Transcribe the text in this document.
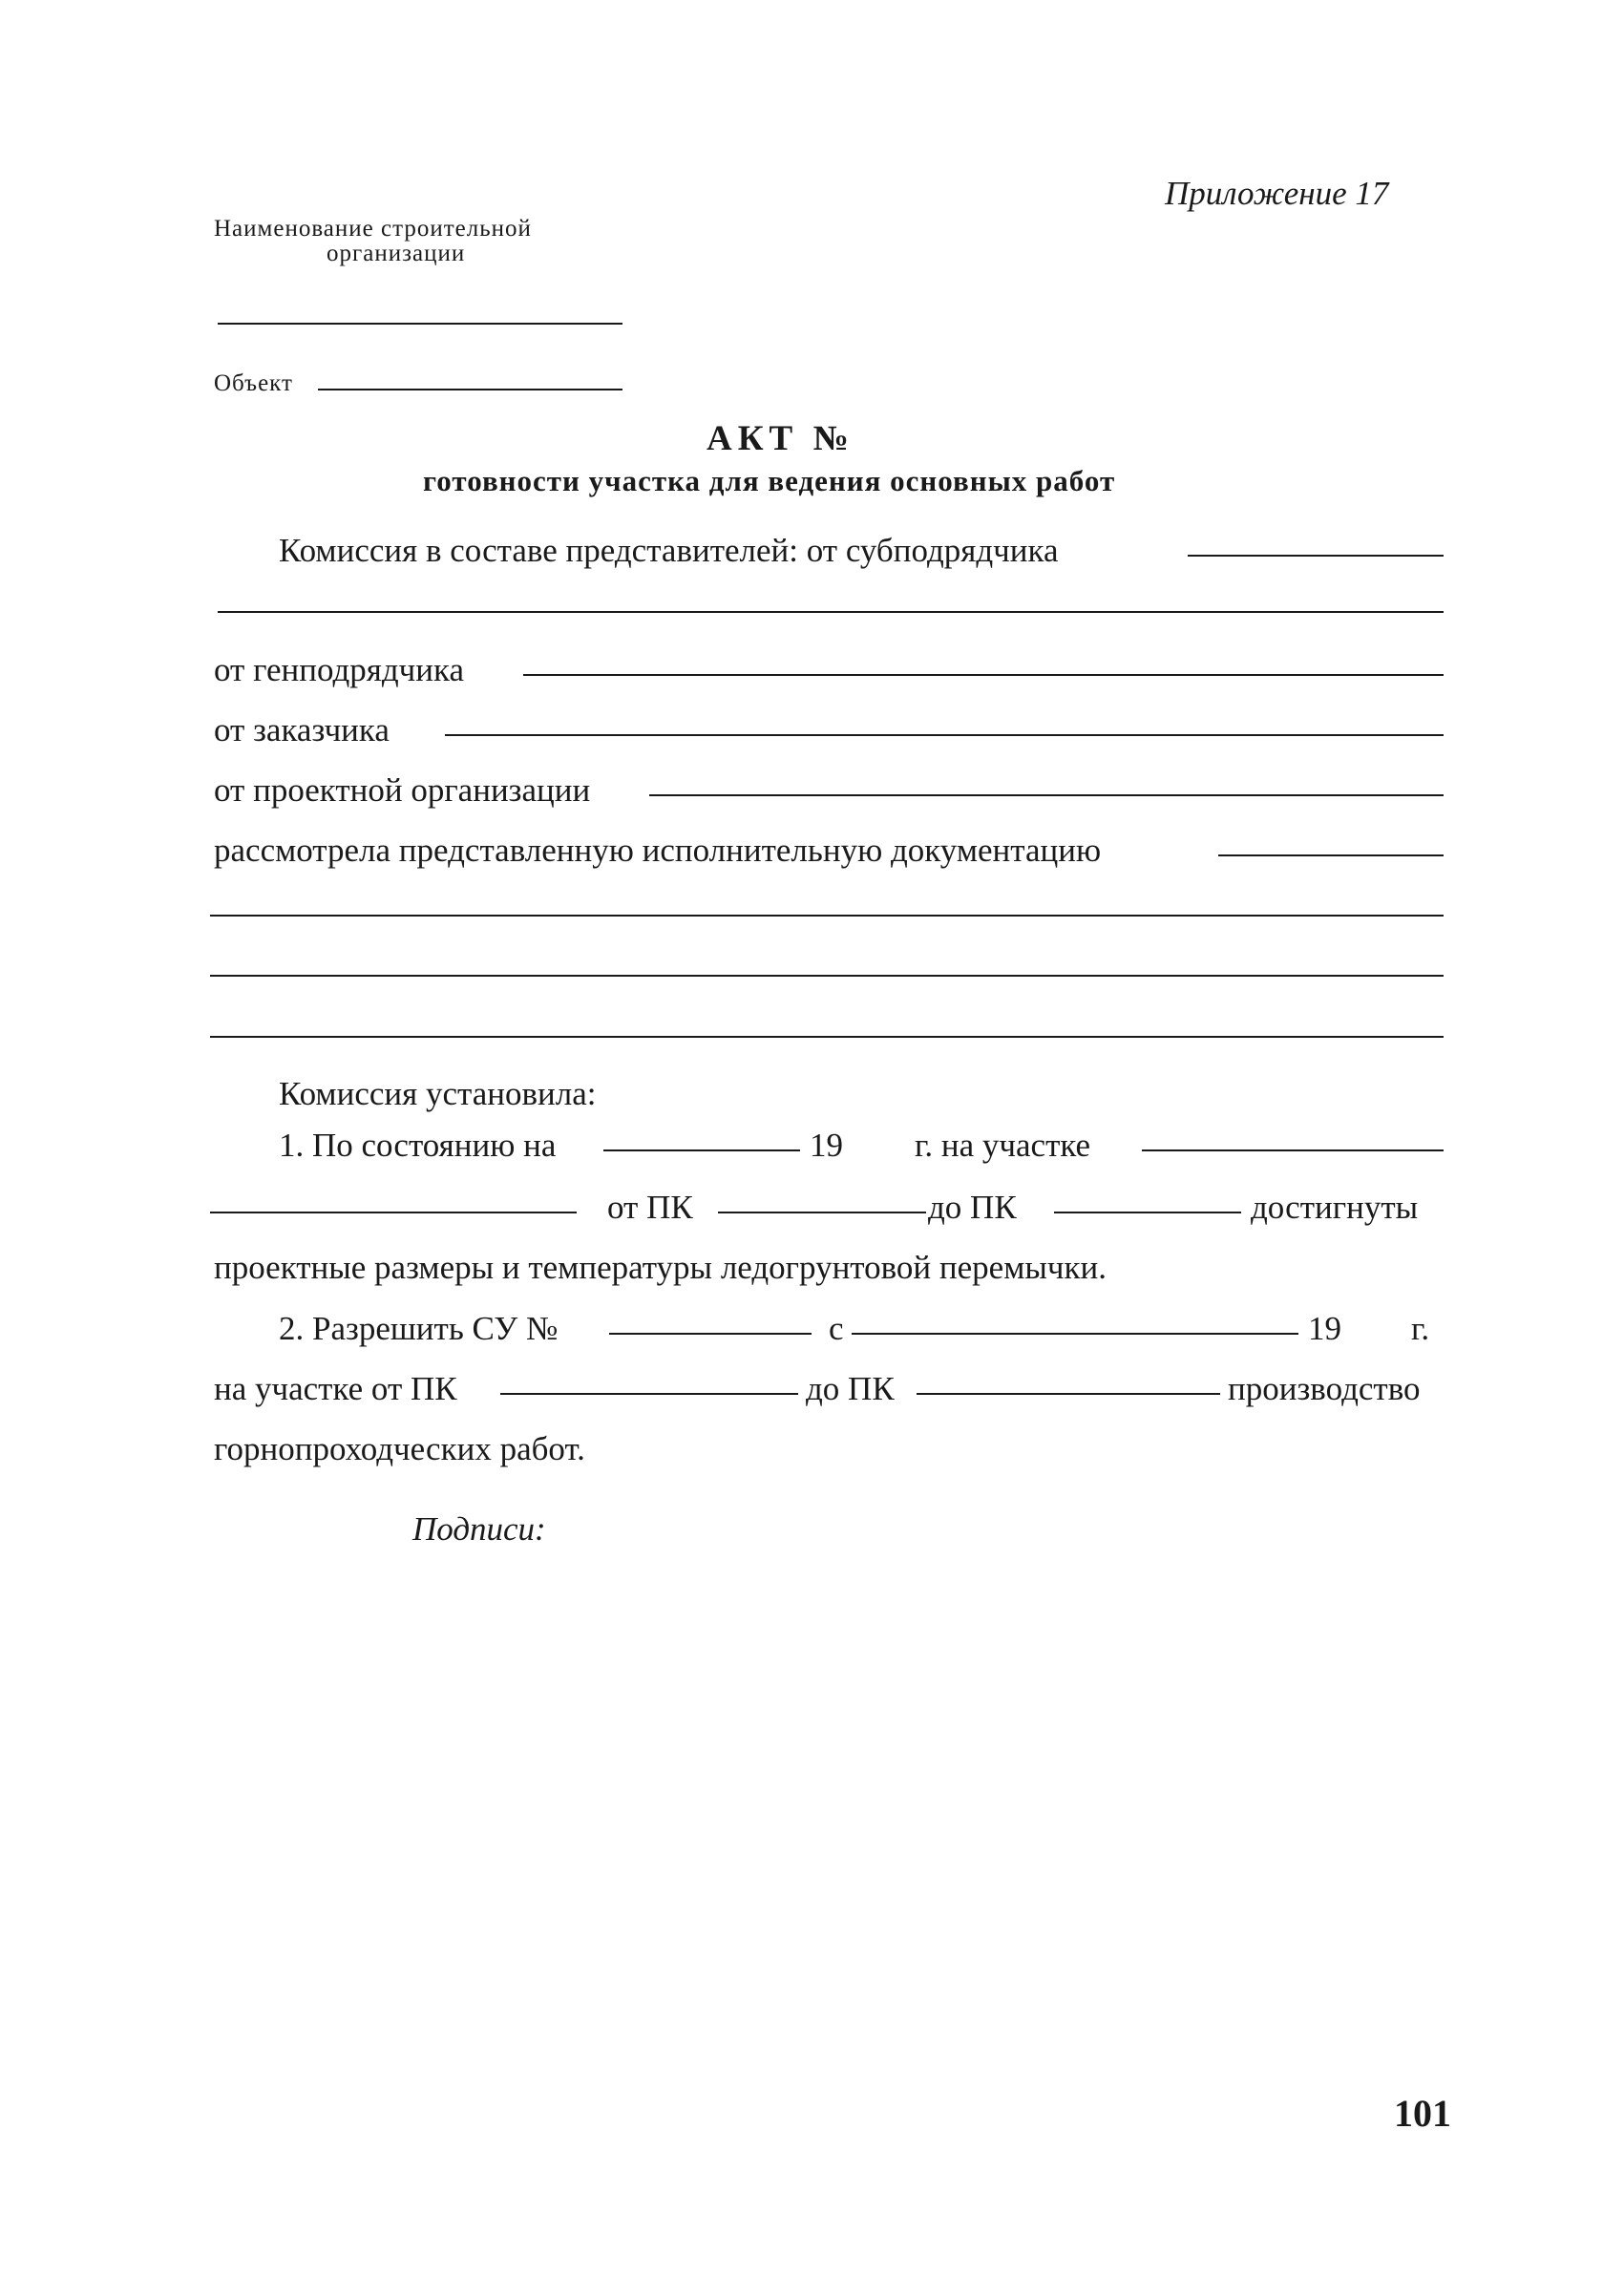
Приложение 17
Наименование строительной
организации
Объект
АКТ №
готовности участка для ведения основных работ
Комиссия в составе представителей: от субподрядчика
от генподрядчика
от заказчика
от проектной организации
рассмотрела представленную исполнительную документацию
Комиссия установила:
1. По состоянию на	19 г. на участке
от ПК	до ПК	достигнуты
проектные размеры и температуры ледогрунтовой перемычки.
2. Разрешить СУ №	с	19 г.
на участке от ПК	до ПК	производство
горнопроходческих работ.
Подписи:
101
